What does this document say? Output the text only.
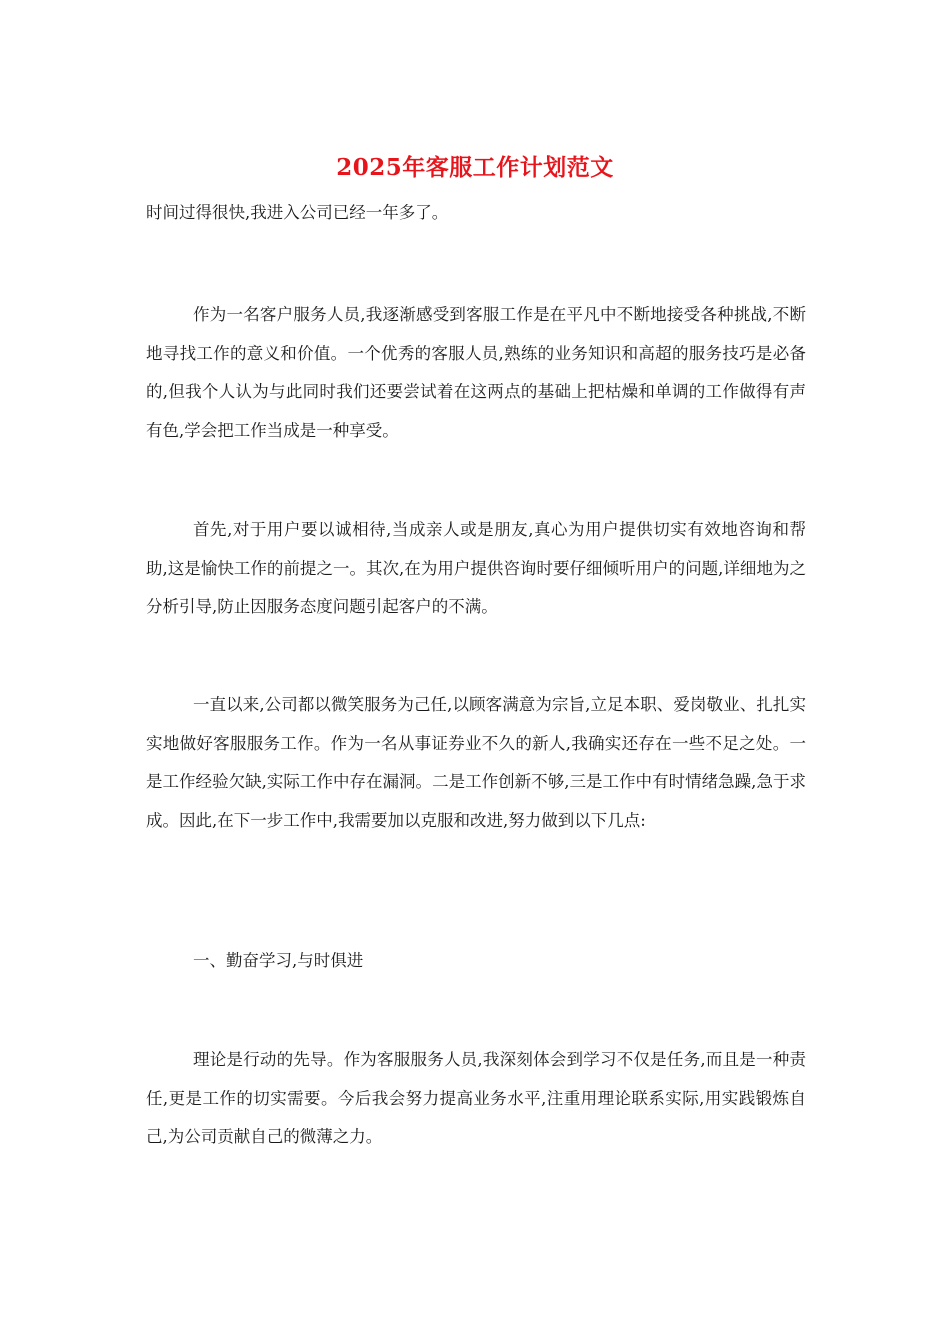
2025年客服工作计划范文
时间过得很快,我进入公司已经一年多了。
作为一名客户服务人员,我逐渐感受到客服工作是在平凡中不断地接受各种挑战,不断地寻找工作的意义和价值。一个优秀的客服人员,熟练的业务知识和高超的服务技巧是必备的,但我个人认为与此同时我们还要尝试着在这两点的基础上把枯燥和单调的工作做得有声有色,学会把工作当成是一种享受。
首先,对于用户要以诚相待,当成亲人或是朋友,真心为用户提供切实有效地咨询和帮助,这是愉快工作的前提之一。其次,在为用户提供咨询时要仔细倾听用户的问题,详细地为之分析引导,防止因服务态度问题引起客户的不满。
一直以来,公司都以微笑服务为己任,以顾客满意为宗旨,立足本职、爱岗敬业、扎扎实实地做好客服服务工作。作为一名从事证券业不久的新人,我确实还存在一些不足之处。一是工作经验欠缺,实际工作中存在漏洞。二是工作创新不够,三是工作中有时情绪急躁,急于求成。因此,在下一步工作中,我需要加以克服和改进,努力做到以下几点:
一、勤奋学习,与时俱进
理论是行动的先导。作为客服服务人员,我深刻体会到学习不仅是任务,而且是一种责任,更是工作的切实需要。今后我会努力提高业务水平,注重用理论联系实际,用实践锻炼自己,为公司贡献自己的微薄之力。
